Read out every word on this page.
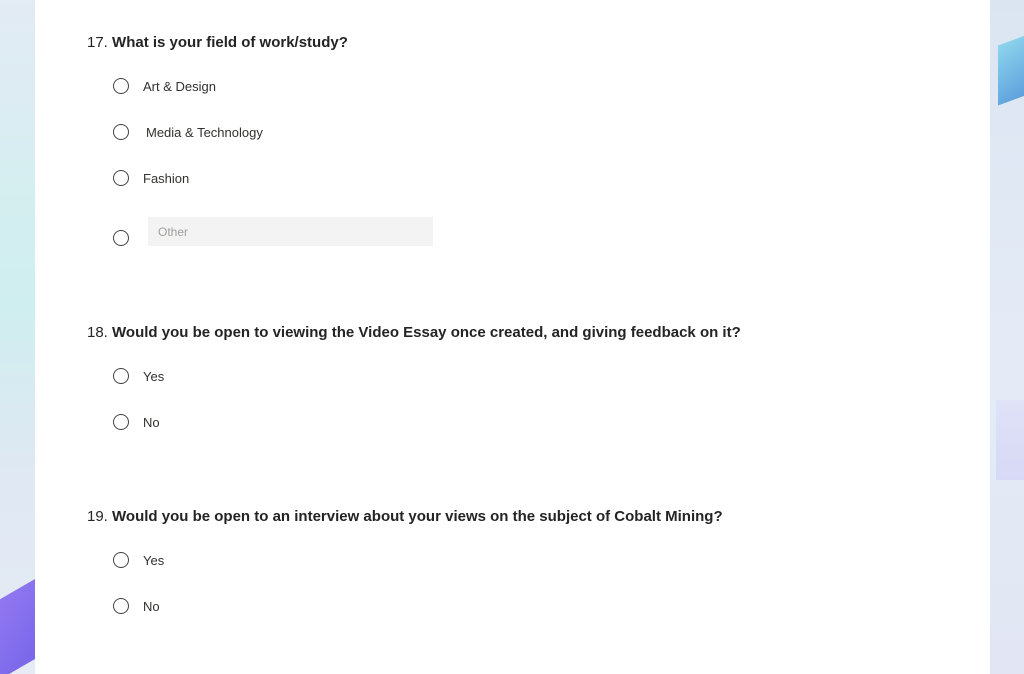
17. What is your field of work/study?
Art & Design
Media & Technology
Fashion
Other
18. Would you be open to viewing the Video Essay once created, and giving feedback on it?
Yes
No
19. Would you be open to an interview about your views on the subject of Cobalt Mining?
Yes
No
